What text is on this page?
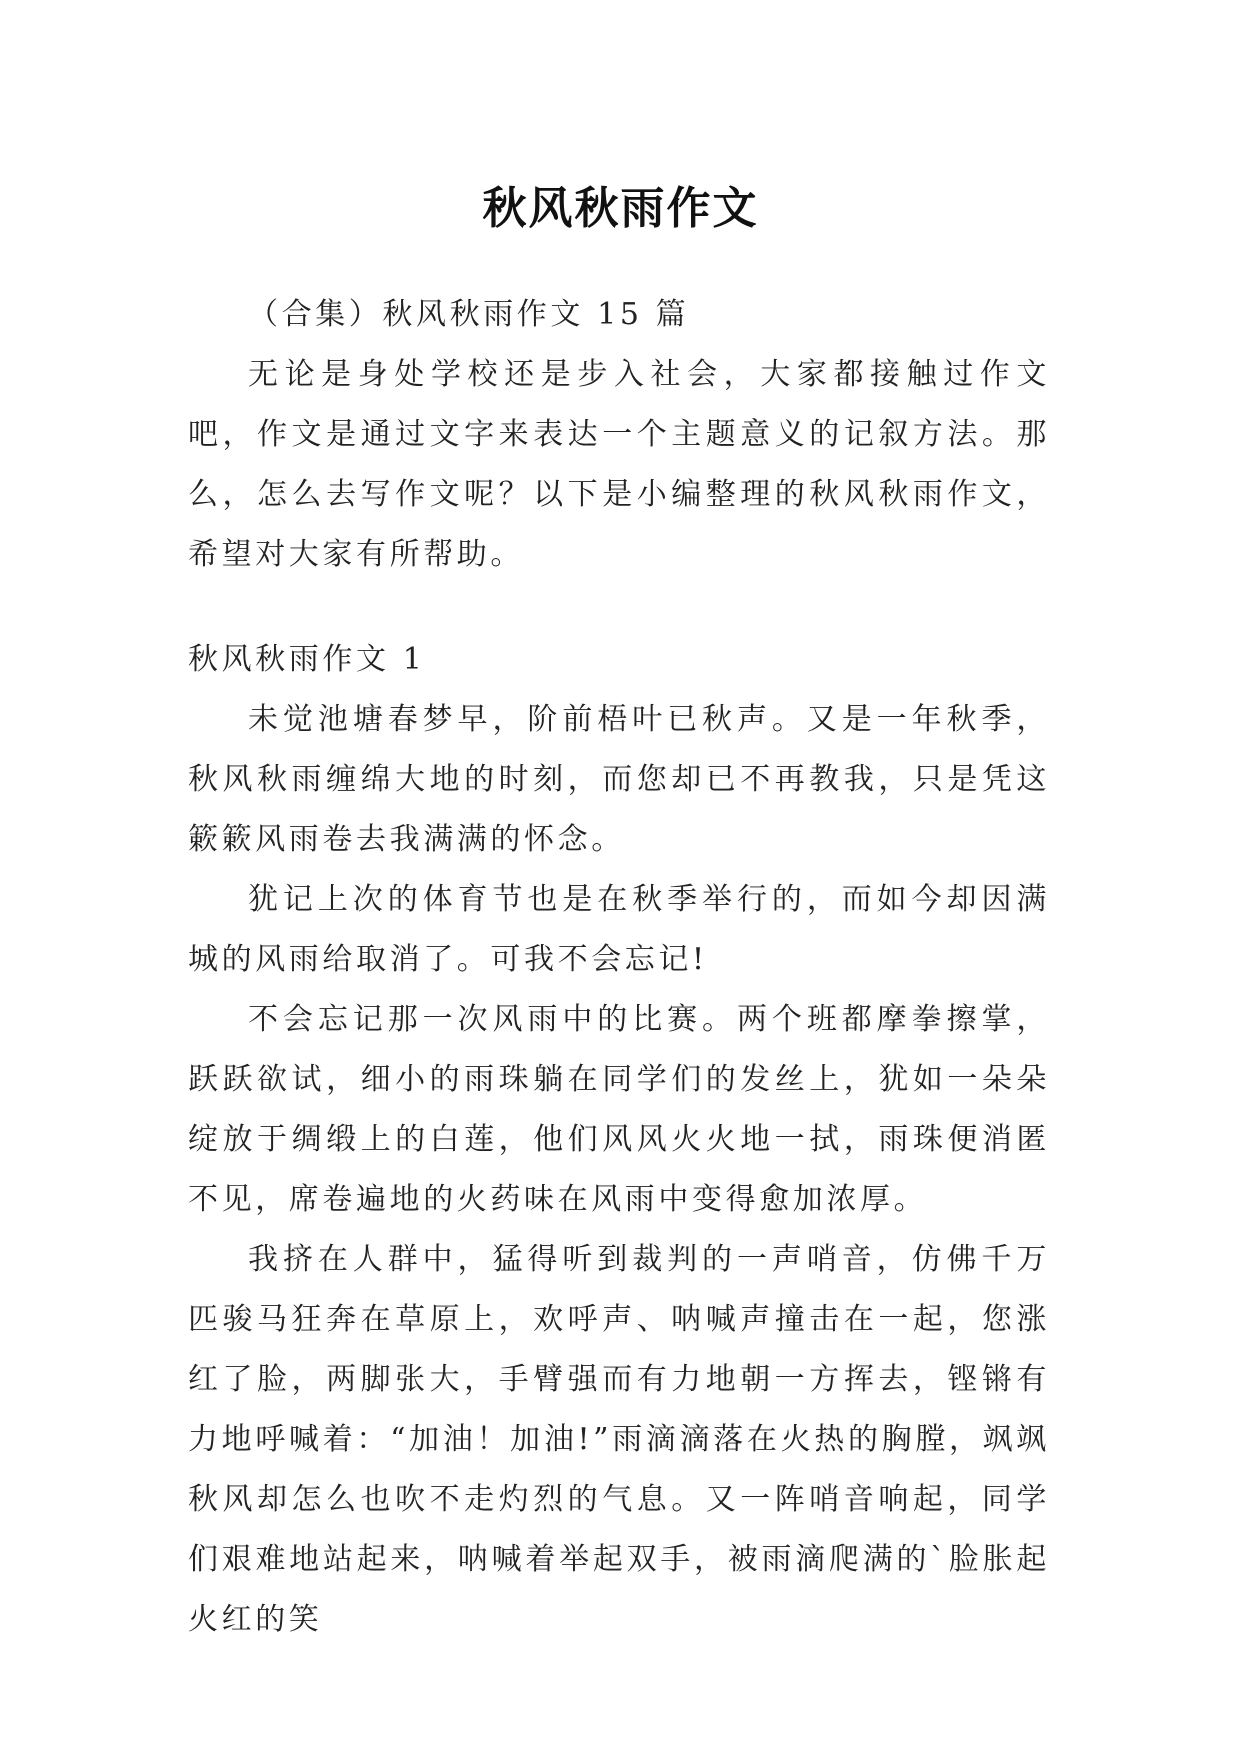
秋风秋雨作文

（合集）秋风秋雨作文 15 篇

无论是身处学校还是步入社会，大家都接触过作文吧，作文是通过文字来表达一个主题意义的记叙方法。那么，怎么去写作文呢？以下是小编整理的秋风秋雨作文，希望对大家有所帮助。

秋风秋雨作文 1

未觉池塘春梦早，阶前梧叶已秋声。又是一年秋季，秋风秋雨缠绵大地的时刻，而您却已不再教我，只是凭这簌簌风雨卷去我满满的怀念。

犹记上次的体育节也是在秋季举行的，而如今却因满城的风雨给取消了。可我不会忘记!

不会忘记那一次风雨中的比赛。两个班都摩拳擦掌，跃跃欲试，细小的雨珠躺在同学们的发丝上，犹如一朵朵绽放于绸缎上的白莲，他们风风火火地一拭，雨珠便消匿不见，席卷遍地的火药味在风雨中变得愈加浓厚。

我挤在人群中，猛得听到裁判的一声哨音，仿佛千万匹骏马狂奔在草原上，欢呼声、呐喊声撞击在一起，您涨红了脸，两脚张大，手臂强而有力地朝一方挥去，铿锵有力地呼喊着：“加油！加油!”雨滴滴落在火热的胸膛，飒飒秋风却怎么也吹不走灼烈的气息。又一阵哨音响起，同学们艰难地站起来，呐喊着举起双手，被雨滴爬满的`脸胀起火红的笑
